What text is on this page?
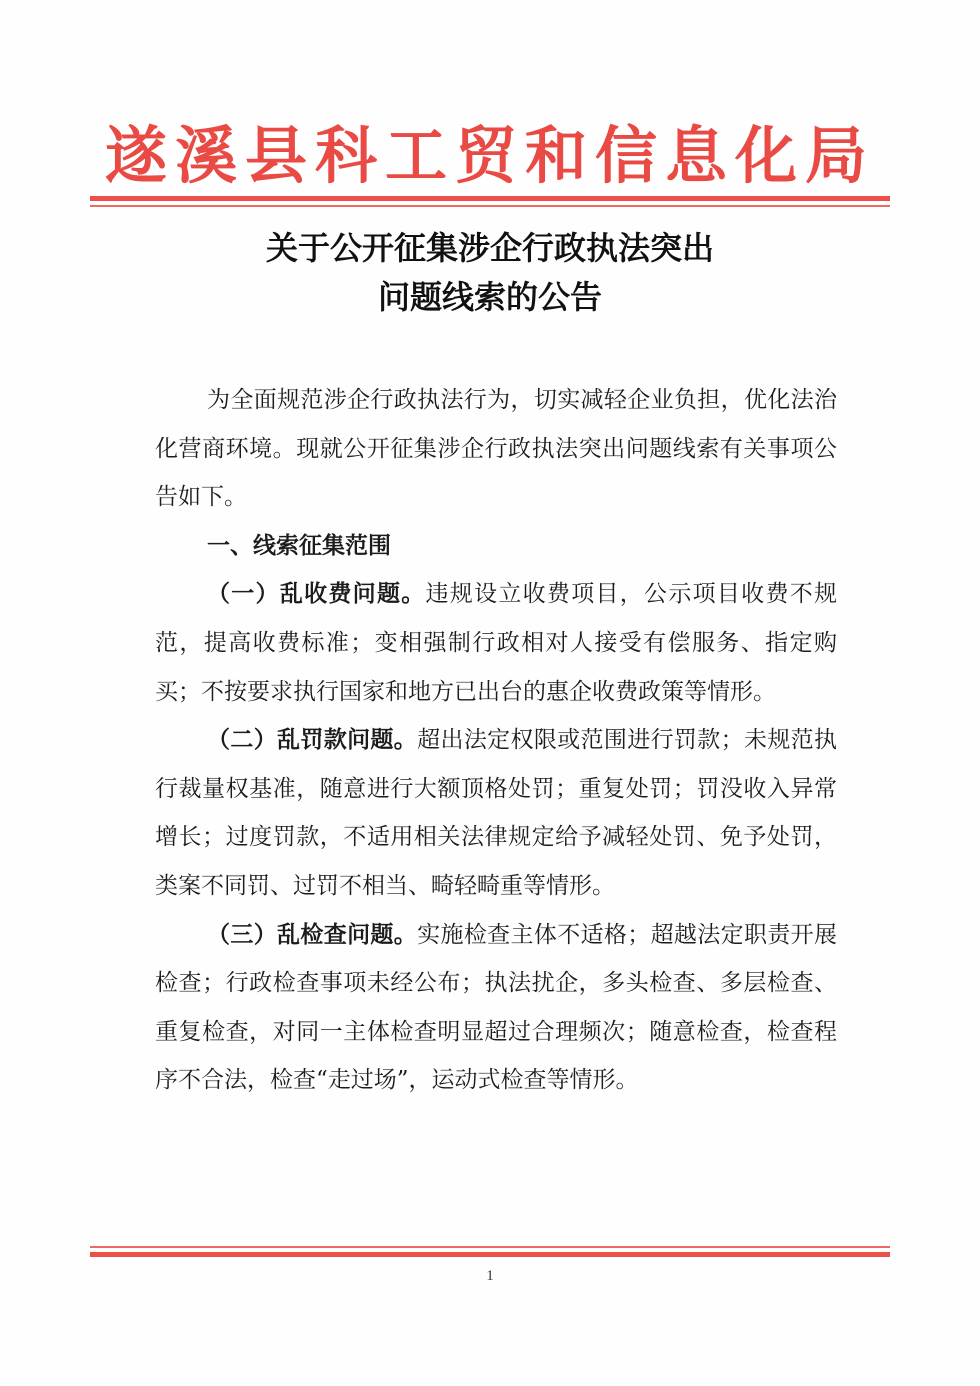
遂溪县科工贸和信息化局
关于公开征集涉企行政执法突出
问题线索的公告

为全面规范涉企行政执法行为，切实减轻企业负担，优化法治化营商环境。现就公开征集涉企行政执法突出问题线索有关事项公告如下。

一、线索征集范围

（一）乱收费问题。违规设立收费项目，公示项目收费不规范，提高收费标准；变相强制行政相对人接受有偿服务、指定购买；不按要求执行国家和地方已出台的惠企收费政策等情形。

（二）乱罚款问题。超出法定权限或范围进行罚款；未规范执行裁量权基准，随意进行大额顶格处罚；重复处罚；罚没收入异常增长；过度罚款，不适用相关法律规定给予减轻处罚、免予处罚，类案不同罚、过罚不相当、畸轻畸重等情形。

（三）乱检查问题。实施检查主体不适格；超越法定职责开展检查；行政检查事项未经公布；执法扰企，多头检查、多层检查、重复检查，对同一主体检查明显超过合理频次；随意检查，检查程序不合法，检查“走过场”，运动式检查等情形。

1
